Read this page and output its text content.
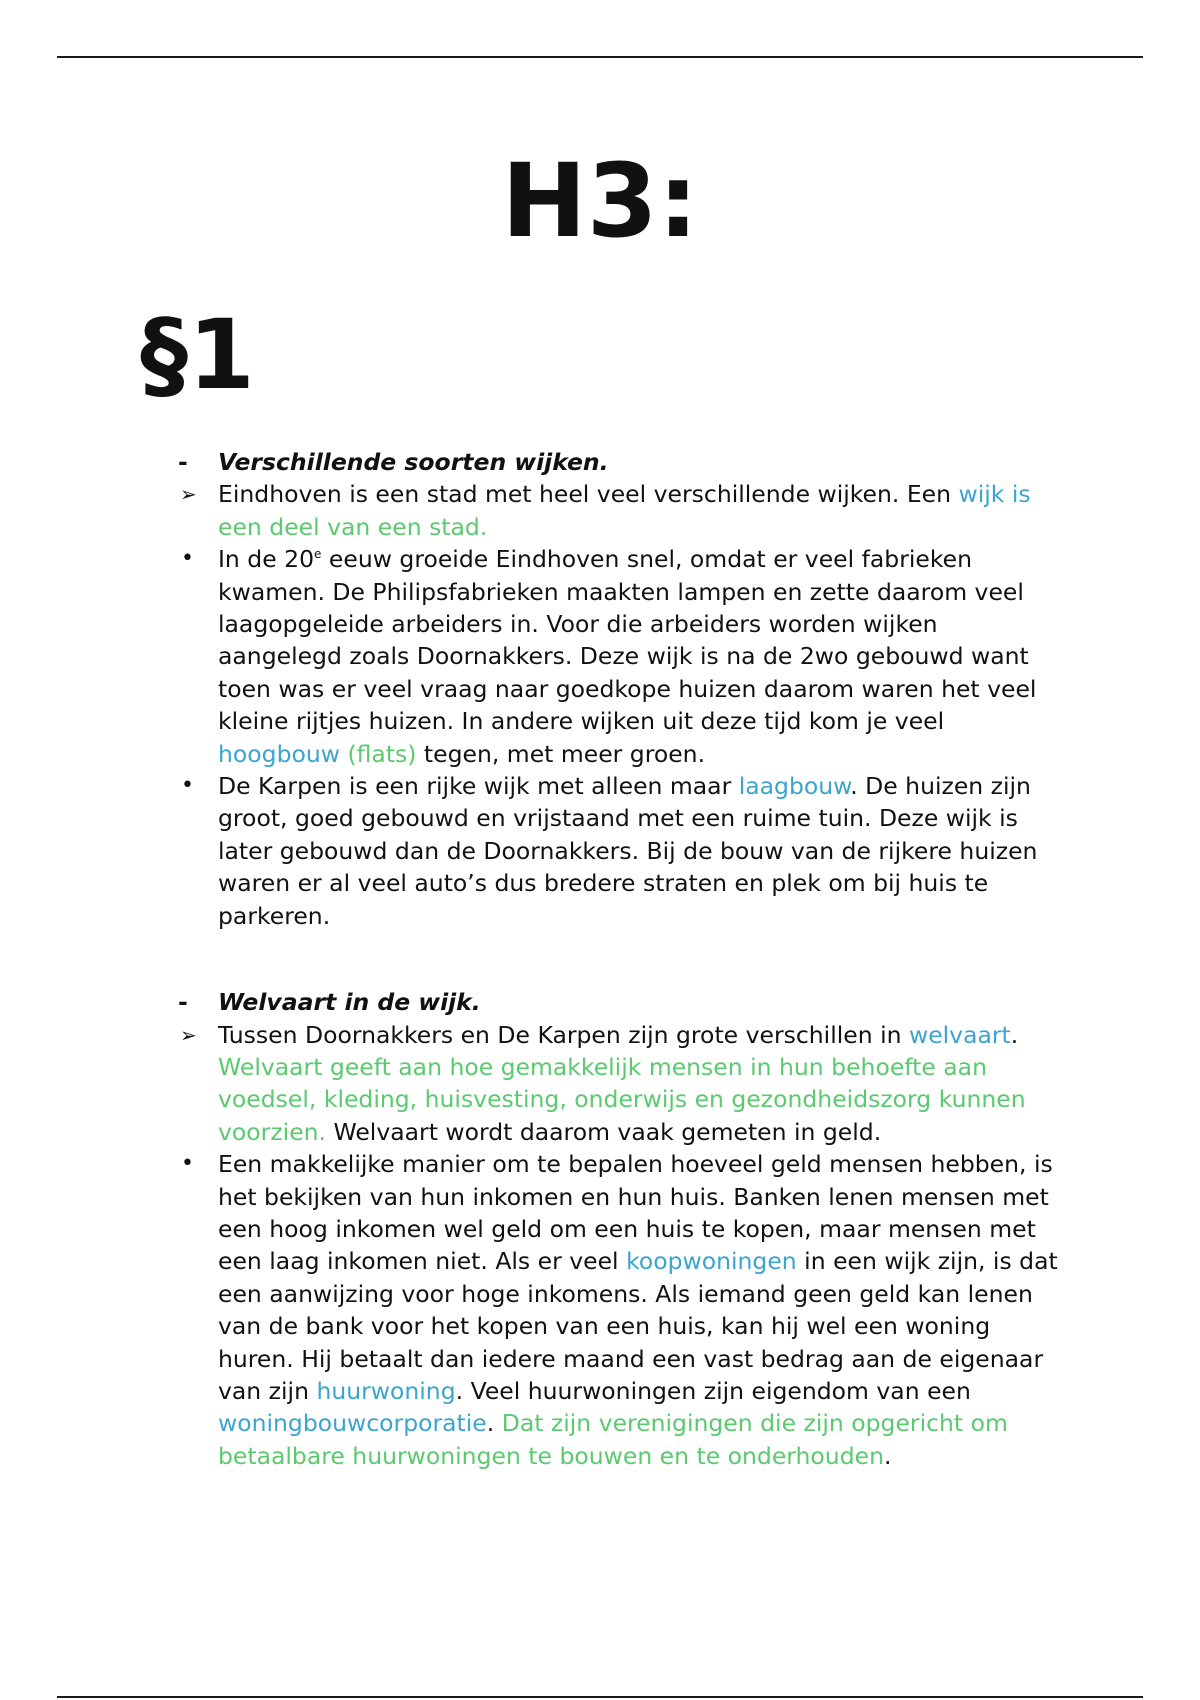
H3:
§1
-	Verschillende soorten wijken.
➢ Eindhoven is een stad met heel veel verschillende wijken. Een wijk is een deel van een stad.
•	In de 20e eeuw groeide Eindhoven snel, omdat er veel fabrieken kwamen. De Philipsfabrieken maakten lampen en zette daarom veel laagopgeleide arbeiders in. Voor die arbeiders worden wijken aangelegd zoals Doornakkers. Deze wijk is na de 2wo gebouwd want toen was er veel vraag naar goedkope huizen daarom waren het veel kleine rijtjes huizen. In andere wijken uit deze tijd kom je veel hoogbouw (flats) tegen, met meer groen.
•	De Karpen is een rijke wijk met alleen maar laagbouw. De huizen zijn groot, goed gebouwd en vrijstaand met een ruime tuin. Deze wijk is later gebouwd dan de Doornakkers. Bij de bouw van de rijkere huizen waren er al veel auto’s dus bredere straten en plek om bij huis te parkeren.
-	Welvaart in de wijk.
➢ Tussen Doornakkers en De Karpen zijn grote verschillen in welvaart. Welvaart geeft aan hoe gemakkelijk mensen in hun behoefte aan voedsel, kleding, huisvesting, onderwijs en gezondheidszorg kunnen voorzien. Welvaart wordt daarom vaak gemeten in geld.
•	Een makkelijke manier om te bepalen hoeveel geld mensen hebben, is het bekijken van hun inkomen en hun huis. Banken lenen mensen met een hoog inkomen wel geld om een huis te kopen, maar mensen met een laag inkomen niet. Als er veel koopwoningen in een wijk zijn, is dat een aanwijzing voor hoge inkomens. Als iemand geen geld kan lenen van de bank voor het kopen van een huis, kan hij wel een woning huren. Hij betaalt dan iedere maand een vast bedrag aan de eigenaar van zijn huurwoning. Veel huurwoningen zijn eigendom van een woningbouwcorporatie. Dat zijn verenigingen die zijn opgericht om betaalbare huurwoningen te bouwen en te onderhouden.
